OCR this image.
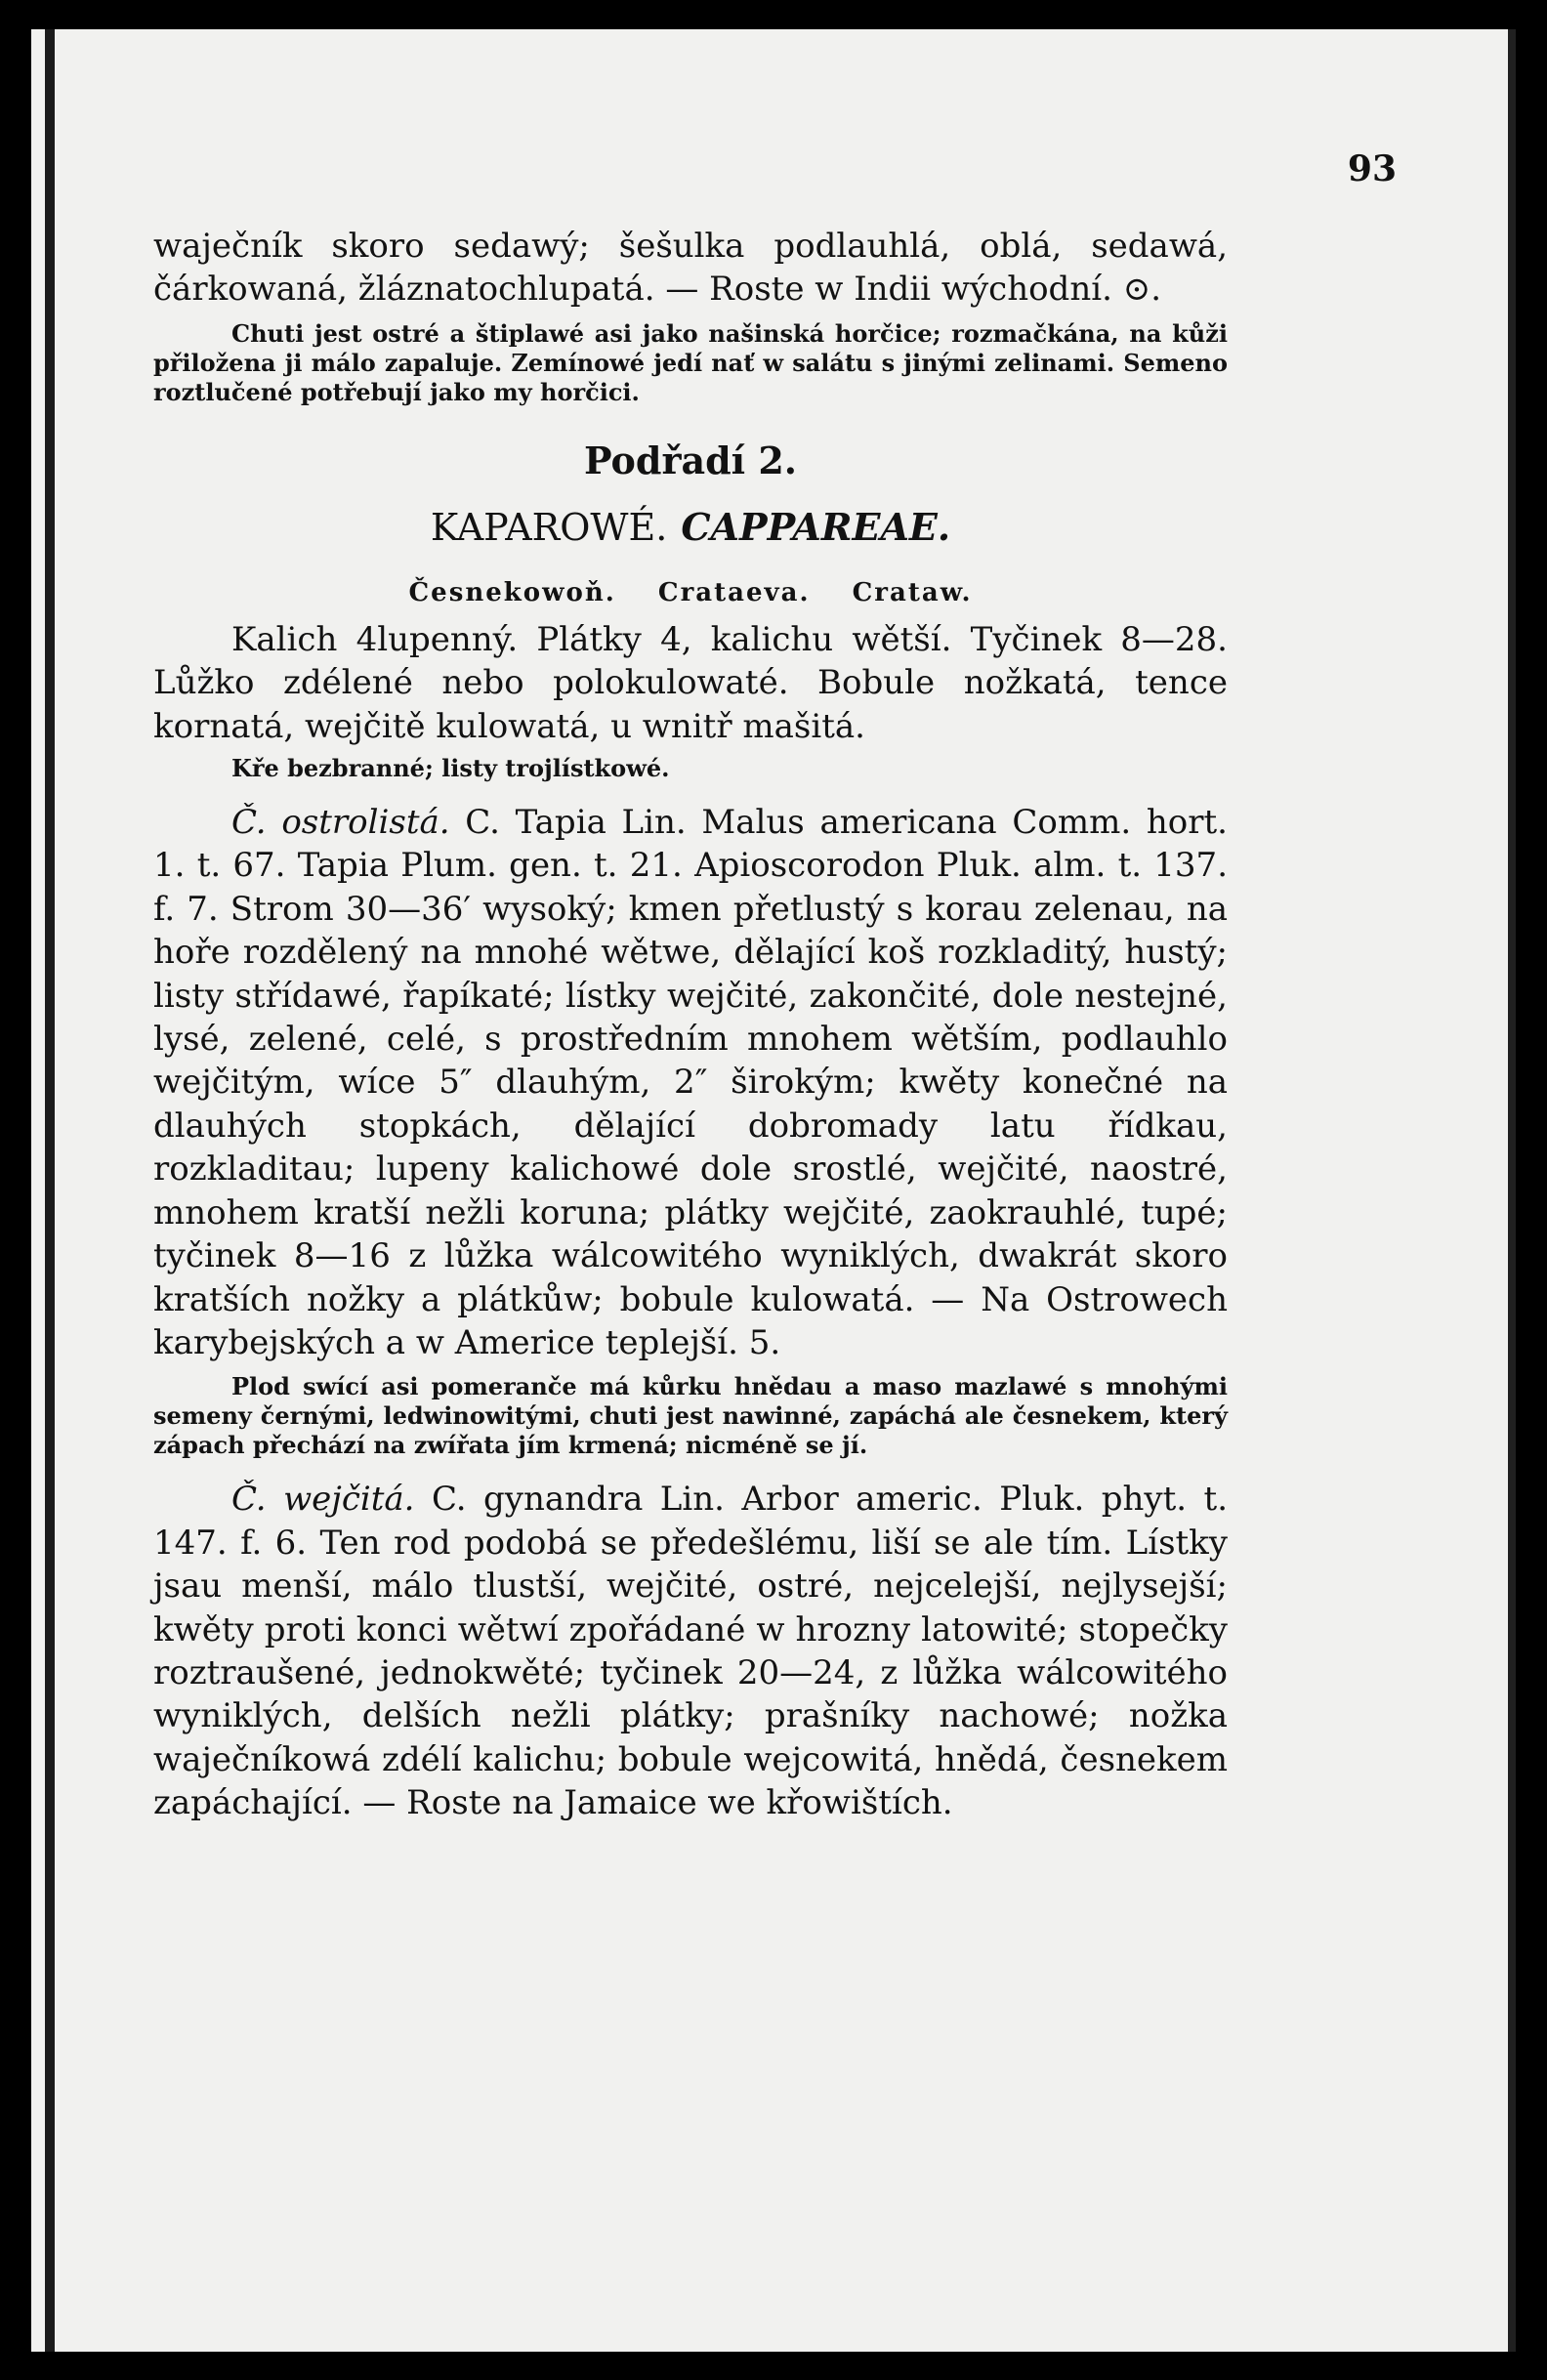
93

waječník skoro sedawý; šešulka podlauhlá, oblá, sedawá, čárkowaná, žláznatochlupatá. — Roste w Indii wýchodní. ⊙.

Chuti jest ostré a štiplawé asi jako našinská horčice; rozmačkána, na kůži přiložena ji málo zapaluje. Zemínowé jedí nať w salátu s jinými zelinami. Semeno roztlučené potřebují jako my horčici.

Podřadí 2.
KAPAROWÉ. CAPPAREAE.
Česnekowoň. Crataeva. Crataw.

Kalich 4lupenný. Plátky 4, kalichu wětší. Tyčinek 8—28. Lůžko zdélené nebo polokulowaté. Bobule nožkatá, tence kornatá, wejčitě kulowatá, u wnitř mašitá.

Kře bezbranné; listy trojlístkowé.

Č. ostrolistá. C. Tapia Lin. Malus americana Comm. hort. 1. t. 67. Tapia Plum. gen. t. 21. Apioscorodon Pluk. alm. t. 137. f. 7. Strom 30—36′ wysoký; kmen přetlustý s korau zelenau, na hoře rozdělený na mnohé wětwe, dělající koš rozkladitý, hustý; listy střídawé, řapíkaté; lístky wejčité, zakončité, dole nestejné, lysé, zelené, celé, s prostředním mnohem wětším, podlauhlo wejčitým, wíce 5″ dlauhým, 2″ širokým; kwěty konečné na dlauhých stopkách, dělající dobromady latu řídkau, rozkladitau; lupeny kalichowé dole srostlé, wejčité, naostré, mnohem kratší nežli koruna; plátky wejčité, zaokrauhlé, tupé; tyčinek 8—16 z lůžka wálcowitého wyniklých, dwakrát skoro kratších nožky a plátkůw; bobule kulowatá. — Na Ostrowech karybejských a w Americe teplejší. 5.

Plod swící asi pomeranče má kůrku hnědau a maso mazlawé s mnohými semeny černými, ledwinowitými, chuti jest nawinné, zapáchá ale česnekem, který zápach přechází na zwířata jím krmená; nicméně se jí.

Č. wejčitá. C. gynandra Lin. Arbor americ. Pluk. phyt. t. 147. f. 6. Ten rod podobá se předešlému, liší se ale tím. Lístky jsau menší, málo tlustší, wejčité, ostré, nejcelejší, nejlysejší; kwěty proti konci wětwí zpořádané w hrozny latowité; stopečky roztraušené, jednokwěté; tyčinek 20—24, z lůžka wálcowitého wyniklých, delších nežli plátky; prašníky nachowé; nožka waječníkowá zdélí kalichu; bobule wejcowitá, hnědá, česnekem zapáchající. — Roste na Jamaice we křowištích.
